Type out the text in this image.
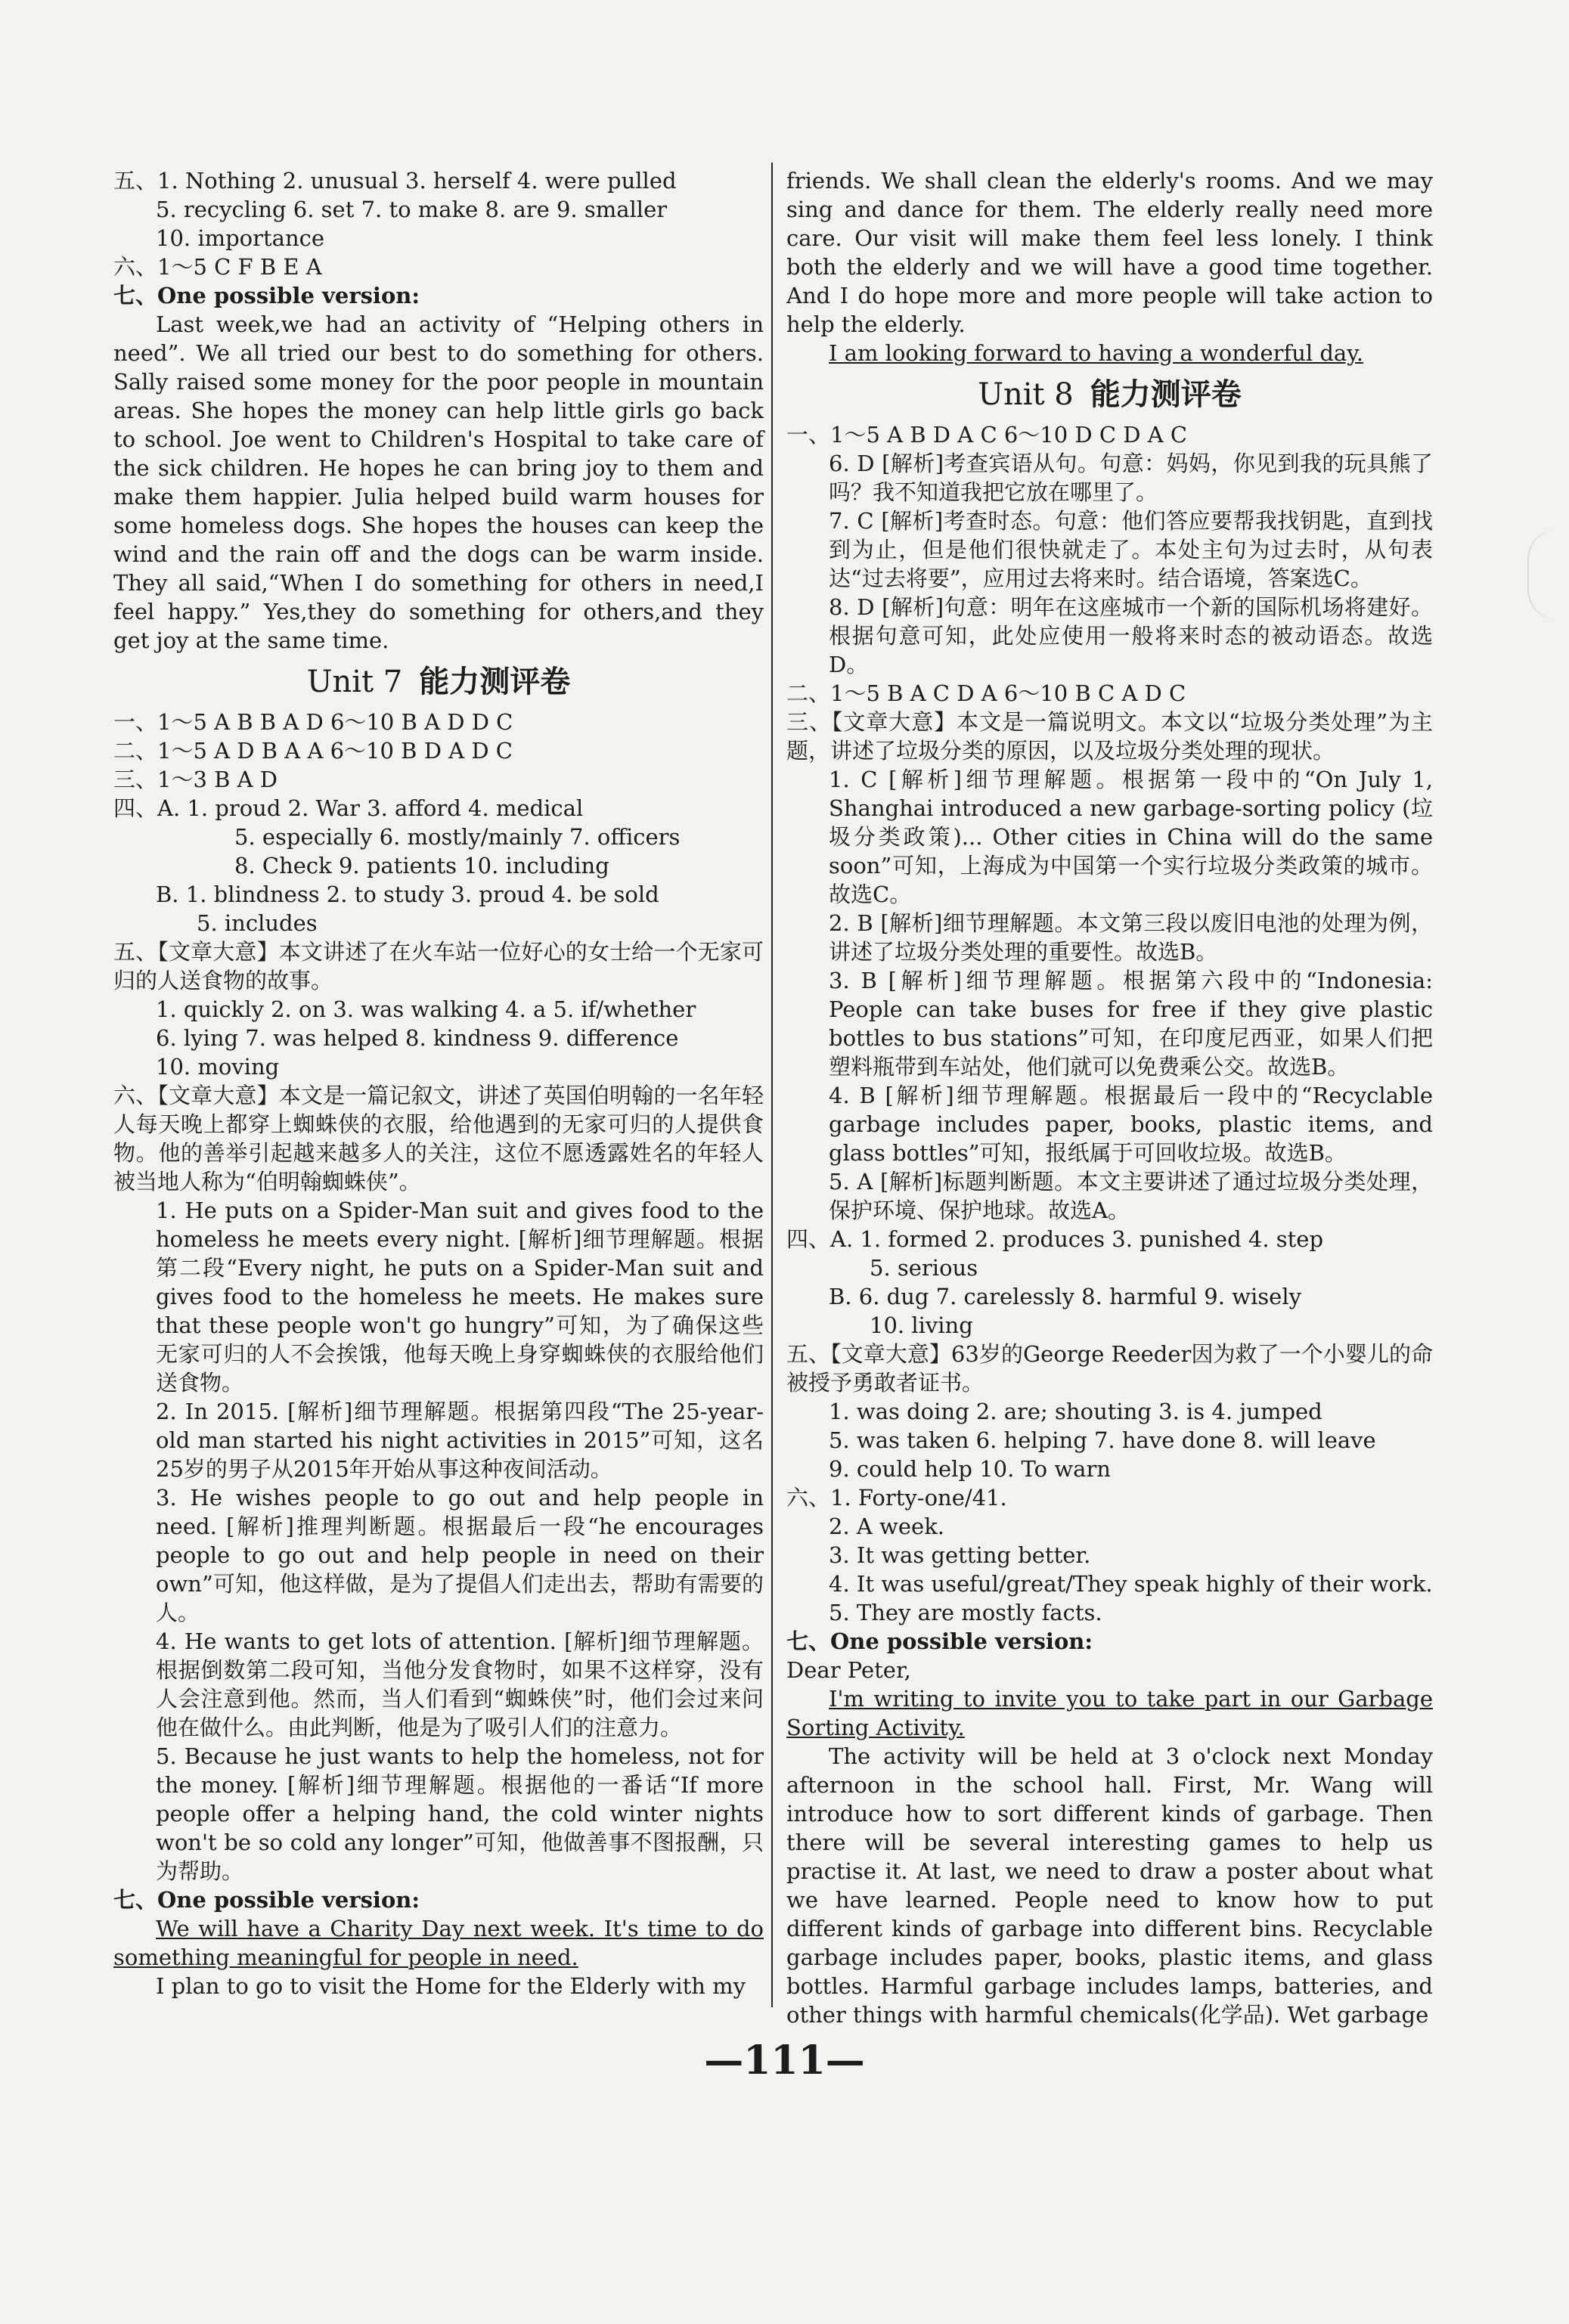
五、1. Nothing 2. unusual 3. herself 4. were pulled
5. recycling 6. set 7. to make 8. are 9. smaller
10. importance
六、1～5 C F B E A
七、One possible version:
Last week,we had an activity of “Helping others in need”. We all tried our best to do something for others. Sally raised some money for the poor people in mountain areas. She hopes the money can help little girls go back to school. Joe went to Children's Hospital to take care of the sick children. He hopes he can bring joy to them and make them happier. Julia helped build warm houses for some homeless dogs. She hopes the houses can keep the wind and the rain off and the dogs can be warm inside. They all said,“When I do something for others in need,I feel happy.” Yes,they do something for others,and they get joy at the same time.
Unit 7 能力测评卷
一、1～5 A B B A D 6～10 B A D D C
二、1～5 A D B A A 6～10 B D A D C
三、1～3 B A D
四、A. 1. proud 2. War 3. afford 4. medical
5. especially 6. mostly/mainly 7. officers
8. Check 9. patients 10. including
B. 1. blindness 2. to study 3. proud 4. be sold
5. includes
五、【文章大意】本文讲述了在火车站一位好心的女士给一个无家可归的人送食物的故事。
1. quickly 2. on 3. was walking 4. a 5. if/whether
6. lying 7. was helped 8. kindness 9. difference
10. moving
六、【文章大意】本文是一篇记叙文，讲述了英国伯明翰的一名年轻人每天晚上都穿上蜘蛛侠的衣服，给他遇到的无家可归的人提供食物。他的善举引起越来越多人的关注，这位不愿透露姓名的年轻人被当地人称为“伯明翰蜘蛛侠”。
1. He puts on a Spider-Man suit and gives food to the homeless he meets every night. [解析]细节理解题。根据第二段“Every night, he puts on a Spider-Man suit and gives food to the homeless he meets. He makes sure that these people won't go hungry”可知，为了确保这些无家可归的人不会挨饿，他每天晚上身穿蜘蛛侠的衣服给他们送食物。
2. In 2015. [解析]细节理解题。根据第四段“The 25-year-old man started his night activities in 2015”可知，这名25岁的男子从2015年开始从事这种夜间活动。
3. He wishes people to go out and help people in need. [解析]推理判断题。根据最后一段“he encourages people to go out and help people in need on their own”可知，他这样做，是为了提倡人们走出去，帮助有需要的人。
4. He wants to get lots of attention. [解析]细节理解题。根据倒数第二段可知，当他分发食物时，如果不这样穿，没有人会注意到他。然而，当人们看到“蜘蛛侠”时，他们会过来问他在做什么。由此判断，他是为了吸引人们的注意力。
5. Because he just wants to help the homeless, not for the money. [解析]细节理解题。根据他的一番话“If more people offer a helping hand, the cold winter nights won't be so cold any longer”可知，他做善事不图报酬，只为帮助。
七、One possible version:
We will have a Charity Day next week. It's time to do something meaningful for people in need.
I plan to go to visit the Home for the Elderly with my
friends. We shall clean the elderly's rooms. And we may sing and dance for them. The elderly really need more care. Our visit will make them feel less lonely. I think both the elderly and we will have a good time together. And I do hope more and more people will take action to help the elderly.
I am looking forward to having a wonderful day.
Unit 8 能力测评卷
一、1～5 A B D A C 6～10 D C D A C
6. D [解析]考查宾语从句。句意：妈妈，你见到我的玩具熊了吗？我不知道我把它放在哪里了。
7. C [解析]考查时态。句意：他们答应要帮我找钥匙，直到找到为止，但是他们很快就走了。本处主句为过去时，从句表达“过去将要”，应用过去将来时。结合语境，答案选C。
8. D [解析]句意：明年在这座城市一个新的国际机场将建好。根据句意可知，此处应使用一般将来时态的被动语态。故选D。
二、1～5 B A C D A 6～10 B C A D C
三、【文章大意】本文是一篇说明文。本文以“垃圾分类处理”为主题，讲述了垃圾分类的原因，以及垃圾分类处理的现状。
1. C [解析]细节理解题。根据第一段中的“On July 1, Shanghai introduced a new garbage-sorting policy (垃圾分类政策)... Other cities in China will do the same soon”可知，上海成为中国第一个实行垃圾分类政策的城市。故选C。
2. B [解析]细节理解题。本文第三段以废旧电池的处理为例，讲述了垃圾分类处理的重要性。故选B。
3. B [解析]细节理解题。根据第六段中的“Indonesia: People can take buses for free if they give plastic bottles to bus stations”可知，在印度尼西亚，如果人们把塑料瓶带到车站处，他们就可以免费乘公交。故选B。
4. B [解析]细节理解题。根据最后一段中的“Recyclable garbage includes paper, books, plastic items, and glass bottles”可知，报纸属于可回收垃圾。故选B。
5. A [解析]标题判断题。本文主要讲述了通过垃圾分类处理，保护环境、保护地球。故选A。
四、A. 1. formed 2. produces 3. punished 4. step
5. serious
B. 6. dug 7. carelessly 8. harmful 9. wisely
10. living
五、【文章大意】63岁的George Reeder因为救了一个小婴儿的命被授予勇敢者证书。
1. was doing 2. are; shouting 3. is 4. jumped
5. was taken 6. helping 7. have done 8. will leave
9. could help 10. To warn
六、1. Forty-one/41.
2. A week.
3. It was getting better.
4. It was useful/great/They speak highly of their work.
5. They are mostly facts.
七、One possible version:
Dear Peter,
I'm writing to invite you to take part in our Garbage Sorting Activity.
The activity will be held at 3 o'clock next Monday afternoon in the school hall. First, Mr. Wang will introduce how to sort different kinds of garbage. Then there will be several interesting games to help us practise it. At last, we need to draw a poster about what we have learned. People need to know how to put different kinds of garbage into different bins. Recyclable garbage includes paper, books, plastic items, and glass bottles. Harmful garbage includes lamps, batteries, and other things with harmful chemicals(化学品). Wet garbage
—111—
